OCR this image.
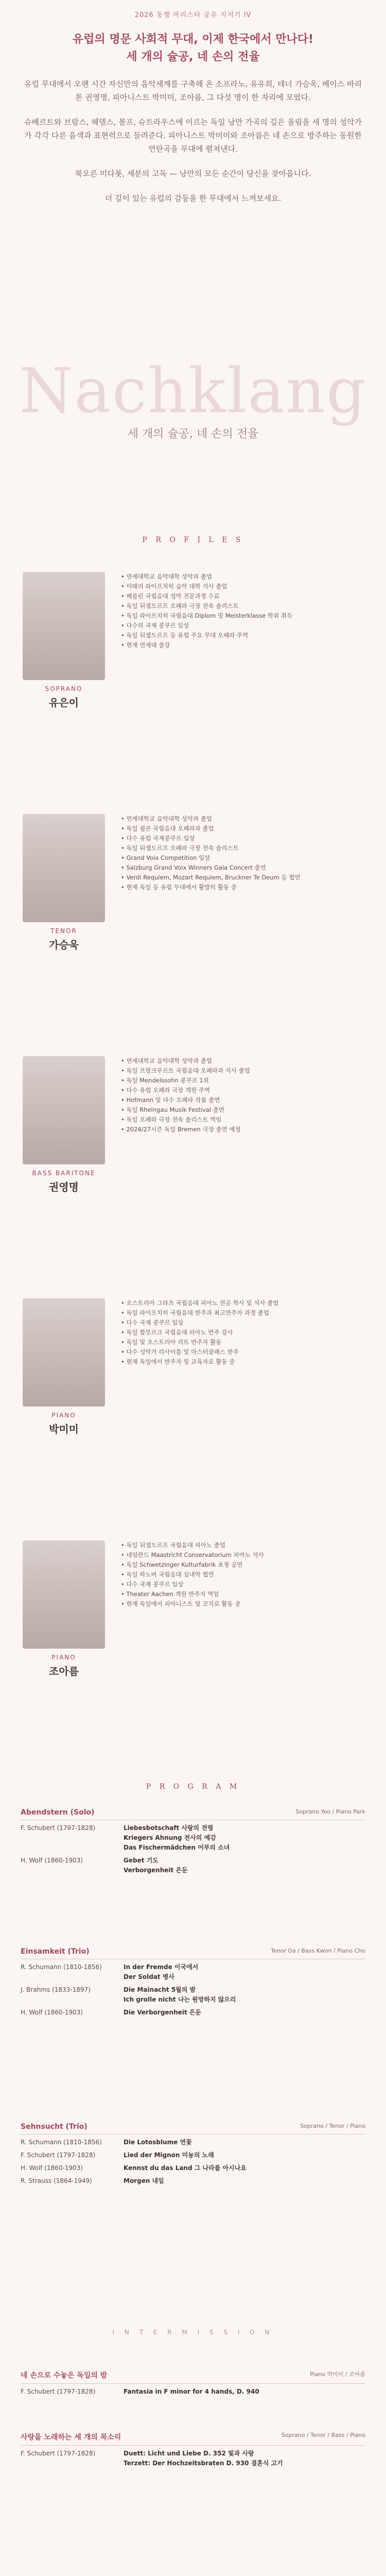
2026 동행 바리스타 공유 지저기 IV
유럽의 명문 사회적 무대, 이제 한국에서 만나다!
세 개의 슐공, 네 손의 전율

유럽 무대에서 오랜 시간 자신만의 음악세계를 구축해 온 소프라노, 유유희, 테너 가승욱, 베이스 바리톤 권영명, 피아니스트 박미미, 조아름, 그 다섯 명이 한 자리에 모였다.

슈베르트와 브람스, 헤델스, 볼프, 슈트라우스에 이르는 독일 낭만 가곡의 깊은 울림을 세 명의 성악가가 각각 다른 음색과 표현력으로 들려준다. 피아니스트 박미미와 조아름은 네 손으로 방주하는 동원한 연탄곡을 무대에 펼쳐낸다.

북오른 미다봇, 세분의 고독 — 낭만의 모든 순간이 당신을 찾아옵니다.

더 깊이 있는 유럽의 감동을 한 무대에서 느껴보세요.

Nachklang
세 개의 슐공, 네 손의 전율
P R O F I L E S
SOPRANO
유은이
• 연세대학교 음악대학 성악과 졸업
• 이태리 라이프치히 음악 대학 석사 졸업
• 베를린 국립음대 성악 전문과정 수료
• 독일 뒤셀도르프 오페라 극장 전속 솔리스트
• 독일 라이프치히 국립음대 Diplom 및 Meisterklasse 학위 취득
• 다수의 국제 콩쿠르 입상
• 독일 뒤셀도르프 등 유럽 주요 무대 오페라 주역
• 현재 연세대 출강
TENOR
가승욱
• 연세대학교 음악대학 성악과 졸업
• 독일 쾰른 국립음대 오페라과 졸업
• 다수 유럽 국제콩쿠르 입상
• 독일 뒤셀도르프 오페라 극장 전속 솔리스트
• Grand Voix Competition 입상
• Salzburg Grand Voix Winners Gala Concert 출연
• Verdi Requiem, Mozart Requiem, Bruckner Te Deum 등 협연
• 현재 독일 등 유럽 무대에서 활발히 활동 중
BASS BARITONE
권영명
• 연세대학교 음악대학 성악과 졸업
• 독일 프랑크푸르트 국립음대 오페라과 석사 졸업
• 독일 Mendelssohn 콩쿠르 1위
• 다수 유럽 오페라 극장 객원 주역
• Hofmann 및 다수 오페라 작품 출연
• 독일 Rheingau Musik Festival 출연
• 독일 오페라 극장 전속 솔리스트 역임
• 2024/27시즌 독일 Bremen 극장 출연 예정
PIANO
박미미
• 오스트리아 그라츠 국립음대 피아노 전공 학사 및 석사 졸업
• 독일 라이프치히 국립음대 반주과 최고연주자 과정 졸업
• 다수 국제 콩쿠르 입상
• 독일 함부르크 국립음대 피아노 반주 강사
• 독일 및 오스트리아 리트 반주자 활동
• 다수 성악가 리사이틀 및 마스터클래스 반주
• 현재 독일에서 반주자 및 교육자로 활동 중
PIANO
조아름
• 독일 뒤셀도르프 국립음대 피아노 졸업
• 네덜란드 Maastricht Conservatorium 피아노 석사
• 독일 Schwetzinger Kulturfabrik 초청 공연
• 독일 하노버 국립음대 실내악 협연
• 다수 국제 콩쿠르 입상
• Theater Aachen 객원 반주자 역임
• 현재 독일에서 피아니스트 및 코치로 활동 중
P R O G R A M
Abendstern (Solo)	Soprano Yoo / Piano Park
F. Schubert (1797-1828)	Liebesbotschaft 사랑의 전령
Kriegers Ahnung 전사의 예감
Das Fischermädchen 어부의 소녀
H. Wolf (1860-1903)	Gebet 기도
Verborgenheit 은둔
Einsamkeit (Trio)	Tenor Ga / Bass Kwon / Piano Cho
R. Schumann (1810-1856)	In der Fremde 이국에서
Der Soldat 병사
J. Brahms (1833-1897)	Die Mainacht 5월의 밤
Ich grolle nicht 나는 원망하지 않으리
H. Wolf (1860-1903)	Die Verborgenheit 은둔
Sehnsucht (Trio)	Soprano / Tenor / Piano
R. Schumann (1810-1856)	Die Lotosblume 연꽃
F. Schubert (1797-1828)	Lied der Mignon 미뇽의 노래
H. Wolf (1860-1903)	Kennst du das Land 그 나라를 아시나요
R. Strauss (1864-1949)	Morgen 내일
I N T E R M I S S I O N
네 손으로 수놓은 독일의 밤	Piano 박미미 / 조아름
F. Schubert (1797-1828)	Fantasia in F minor for 4 hands, D. 940
사랑을 노래하는 세 개의 목소리	Soprano / Tenor / Bass / Piano
F. Schubert (1797-1828)	Duett: Licht und Liebe D. 352 빛과 사랑
Terzett: Der Hochzeitsbraten D. 930 결혼식 고기
